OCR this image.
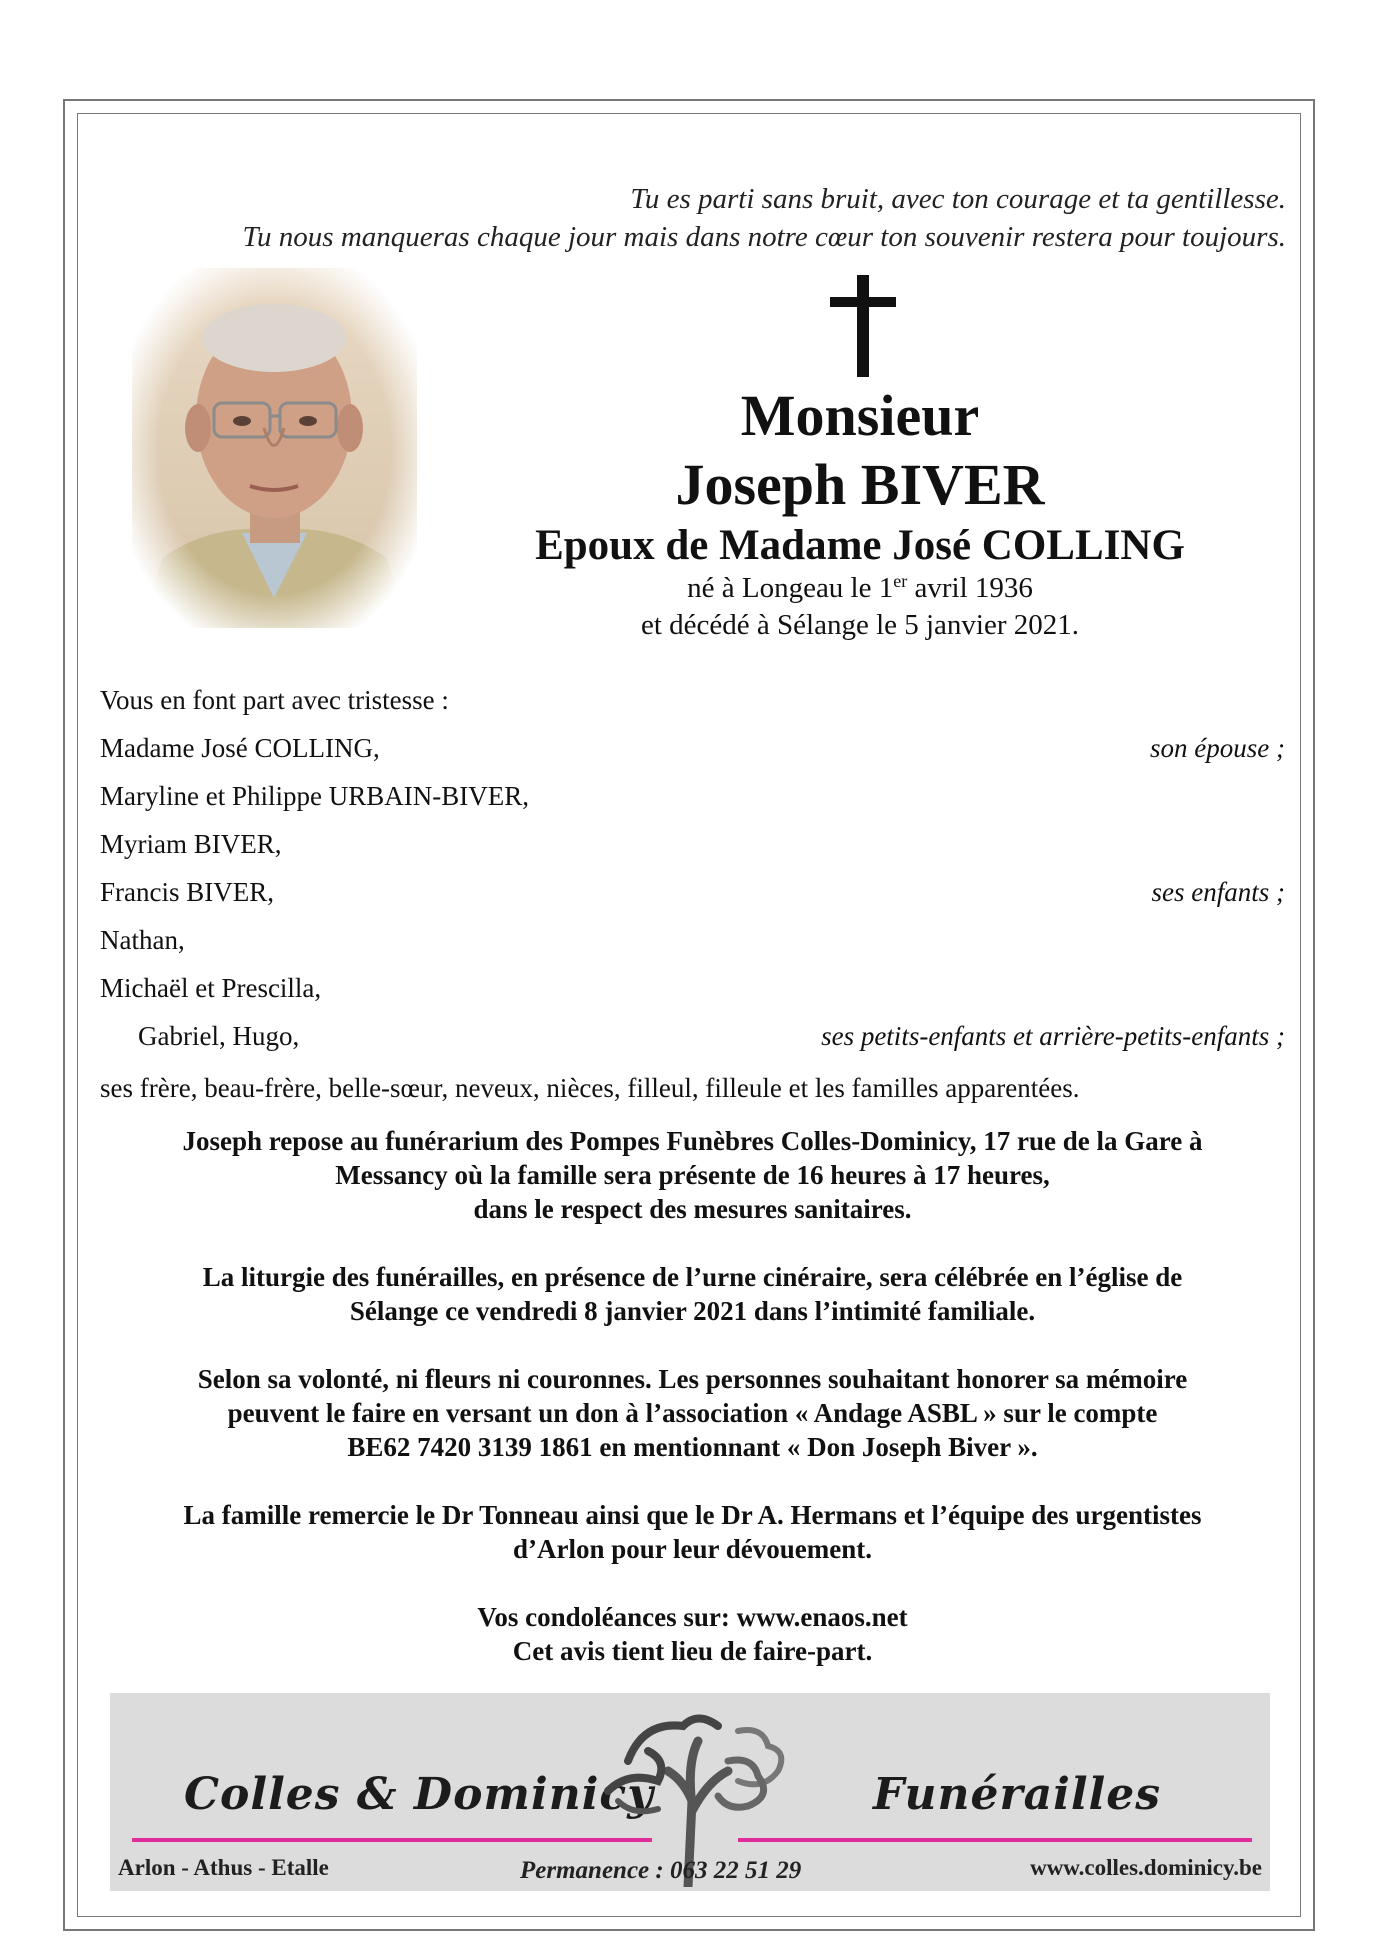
Tu es parti sans bruit, avec ton courage et ta gentillesse.
Tu nous manqueras chaque jour mais dans notre cœur ton souvenir restera pour toujours.
Monsieur
Joseph BIVER
Epoux de Madame José COLLING
né à Longeau le 1er avril 1936
et décédé à Sélange le 5 janvier 2021.
Vous en font part avec tristesse :
Madame José COLLING,	son épouse ;
Maryline et Philippe URBAIN-BIVER,
Myriam BIVER,
Francis BIVER,	ses enfants ;
Nathan,
Michaël et Prescilla,
Gabriel, Hugo,	ses petits-enfants et arrière-petits-enfants ;
ses frère, beau-frère, belle-sœur, neveux, nièces, filleul, filleule et les familles apparentées.
Joseph repose au funérarium des Pompes Funèbres Colles-Dominicy, 17 rue de la Gare à
Messancy où la famille sera présente de 16 heures à 17 heures,
dans le respect des mesures sanitaires.
La liturgie des funérailles, en présence de l’urne cinéraire, sera célébrée en l’église de
Sélange ce vendredi 8 janvier 2021 dans l’intimité familiale.
Selon sa volonté, ni fleurs ni couronnes. Les personnes souhaitant honorer sa mémoire
peuvent le faire en versant un don à l’association « Andage ASBL » sur le compte
BE62 7420 3139 1861 en mentionnant « Don Joseph Biver ».
La famille remercie le Dr Tonneau ainsi que le Dr A. Hermans et l’équipe des urgentistes
d’Arlon pour leur dévouement.
Vos condoléances sur: www.enaos.net
Cet avis tient lieu de faire-part.
Colles & Dominicy	Funérailles
Arlon - Athus - Etalle	Permanence : 063 22 51 29	www.colles.dominicy.be
